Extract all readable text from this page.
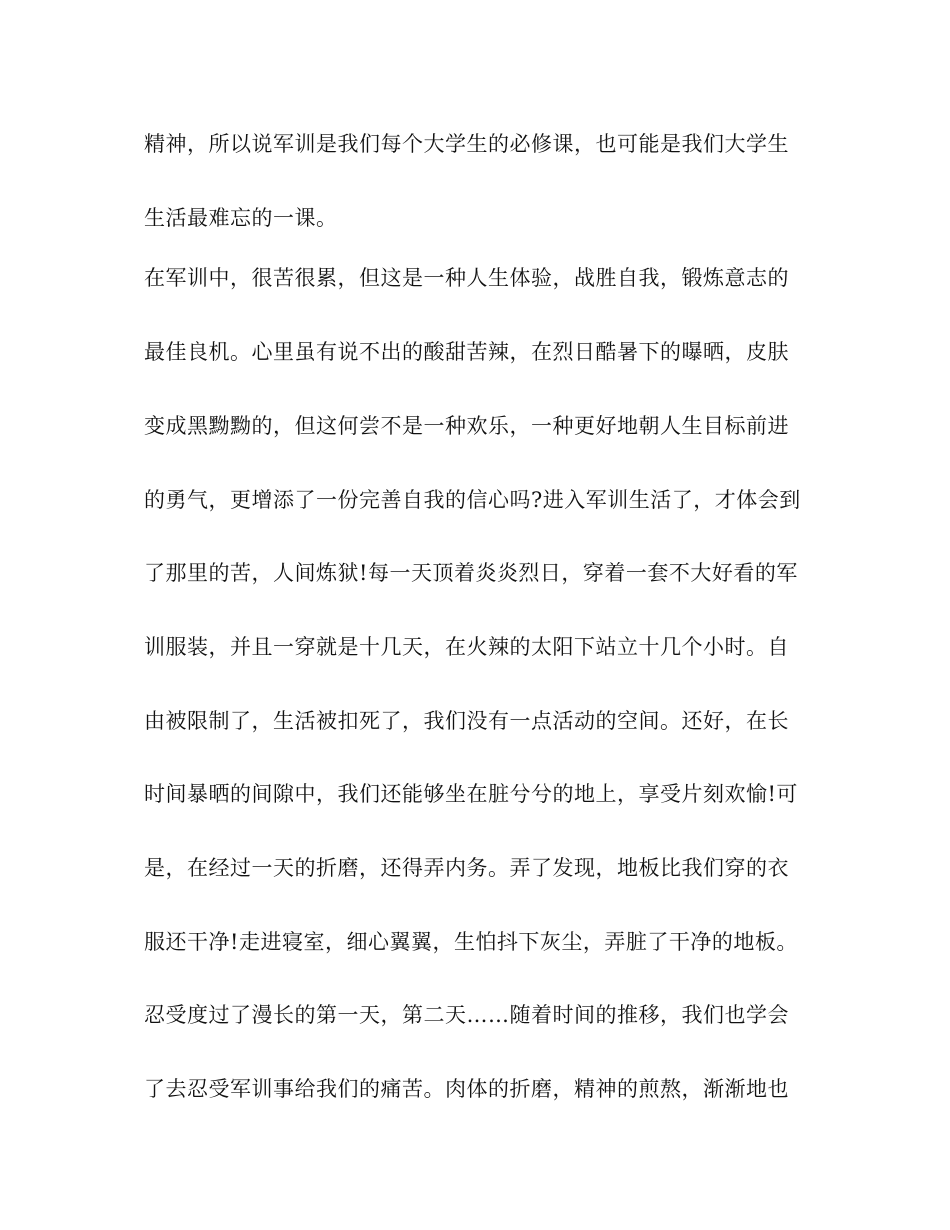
精神，所以说军训是我们每个大学生的必修课，也可能是我们大学生
生活最难忘的一课。
在军训中，很苦很累，但这是一种人生体验，战胜自我，锻炼意志的
最佳良机。心里虽有说不出的酸甜苦辣，在烈日酷暑下的曝晒，皮肤
变成黑黝黝的，但这何尝不是一种欢乐，一种更好地朝人生目标前进
的勇气，更增添了一份完善自我的信心吗?进入军训生活了，才体会到
了那里的苦，人间炼狱!每一天顶着炎炎烈日，穿着一套不大好看的军
训服装，并且一穿就是十几天，在火辣的太阳下站立十几个小时。自
由被限制了，生活被扣死了，我们没有一点活动的空间。还好，在长
时间暴晒的间隙中，我们还能够坐在脏兮兮的地上，享受片刻欢愉!可
是，在经过一天的折磨，还得弄内务。弄了发现，地板比我们穿的衣
服还干净!走进寝室，细心翼翼，生怕抖下灰尘，弄脏了干净的地板。
忍受度过了漫长的第一天，第二天……随着时间的推移，我们也学会
了去忍受军训事给我们的痛苦。肉体的折磨，精神的煎熬，渐渐地也
